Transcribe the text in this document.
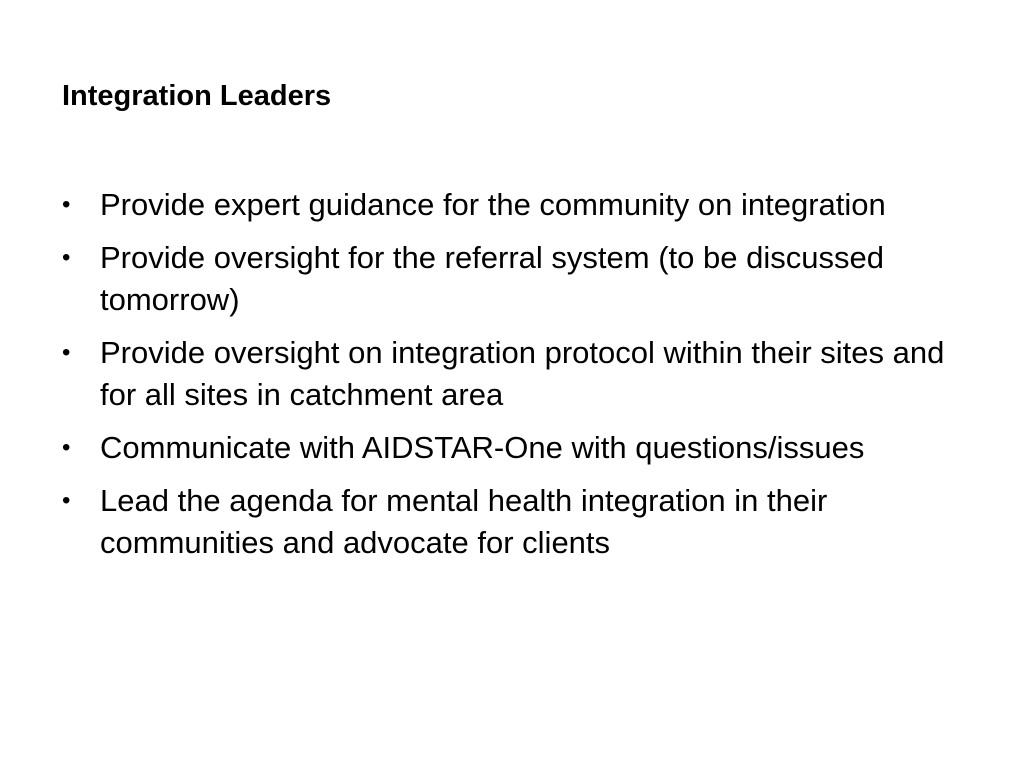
Integration Leaders
• Provide expert guidance for the community on integration
• Provide oversight for the referral system (to be discussed tomorrow)
• Provide oversight on integration protocol within their sites and for all sites in catchment area
• Communicate with AIDSTAR-One with questions/issues
• Lead the agenda for mental health integration in their communities and advocate for clients
